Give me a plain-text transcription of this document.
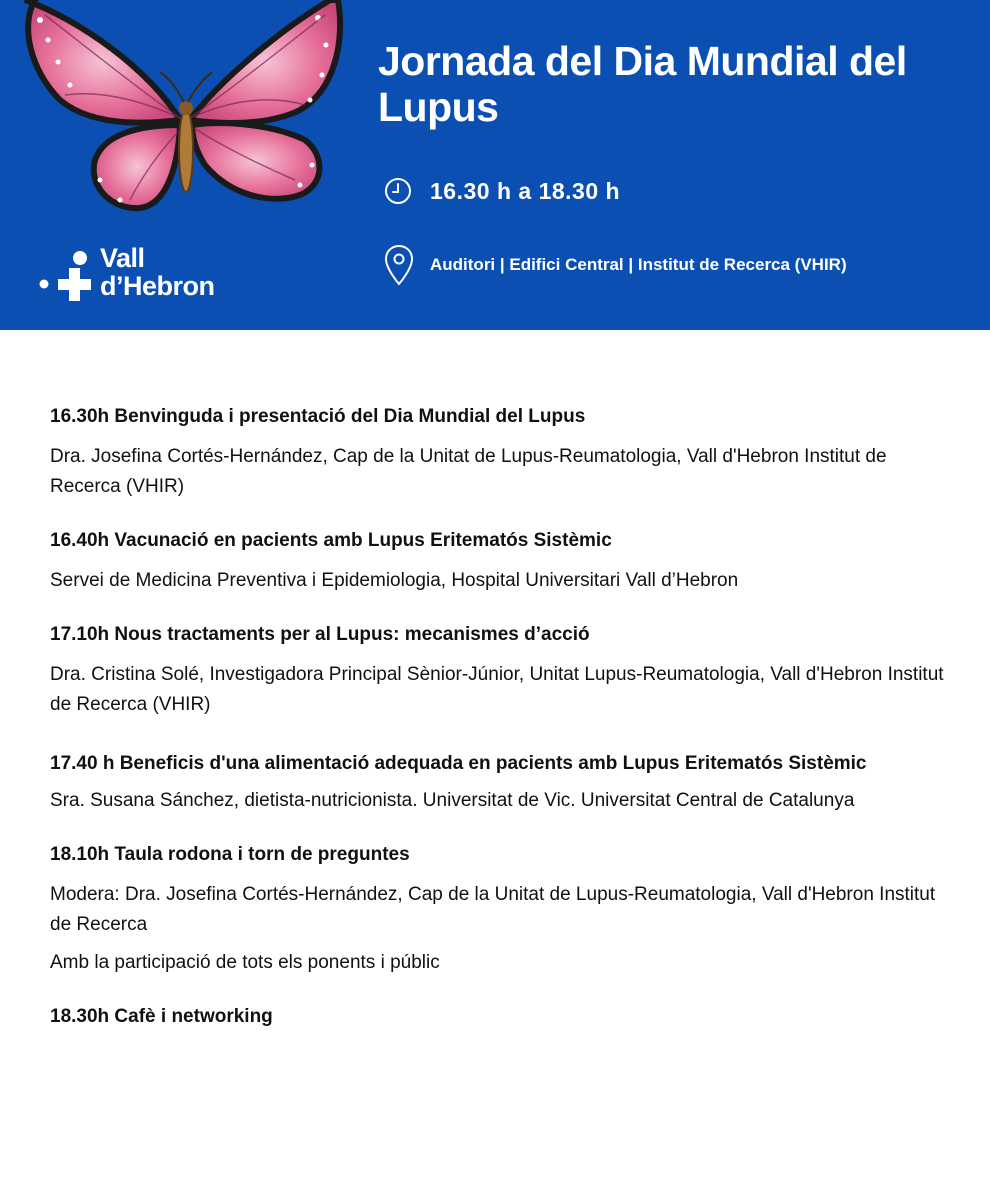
Vall
d’Hebron
Jornada del Dia Mundial del Lupus
16.30 h a 18.30 h
Auditori | Edifici Central | Institut de Recerca (VHIR)
16.30h Benvinguda i presentació del Dia Mundial del Lupus
Dra. Josefina Cortés-Hernández, Cap de la Unitat de Lupus-Reumatologia, Vall d'Hebron Institut de Recerca (VHIR)
16.40h Vacunació en pacients amb Lupus Eritematós Sistèmic
Servei de Medicina Preventiva i Epidemiologia, Hospital Universitari Vall d’Hebron
17.10h Nous tractaments per al Lupus: mecanismes d’acció
Dra. Cristina Solé, Investigadora Principal Sènior-Júnior, Unitat Lupus-Reumatologia, Vall d'Hebron Institut de Recerca (VHIR)
17.40 h Beneficis d'una alimentació adequada en pacients amb Lupus Eritematós Sistèmic
Sra. Susana Sánchez, dietista-nutricionista. Universitat de Vic. Universitat Central de Catalunya
18.10h Taula rodona i torn de preguntes
Modera: Dra. Josefina Cortés-Hernández, Cap de la Unitat de Lupus-Reumatologia, Vall d'Hebron Institut de Recerca
Amb la participació de tots els ponents i públic
18.30h Cafè i networking
